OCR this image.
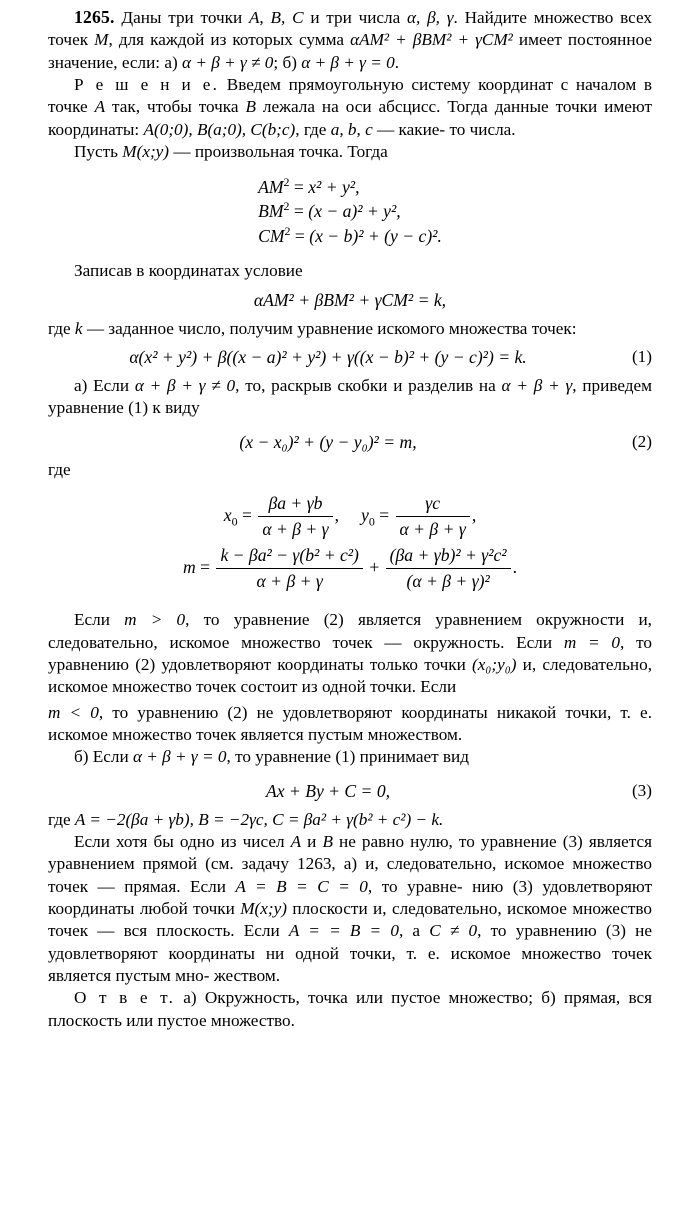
1265. Даны три точки A, B, C и три числа α, β, γ. Найдите множество всех точек M, для каждой из которых сумма αAM² + βBM² + γCM² имеет постоянное значение, если: а) α + β + γ ≠ 0; б) α + β + γ = 0.

Р е ш е н и е. Введем прямоугольную систему координат с началом в точке A так, чтобы точка B лежала на оси абсцисс. Тогда данные точки имеют координаты: A(0;0), B(a;0), C(b;c), где a, b, c — какие- то числа.

Пусть M(x;y) — произвольная точка. Тогда

$AM^2 = x^2 + y^2$,
$BM^2 = (x - a)^2 + y^2$,
$CM^2 = (x - b)^2 + (y - c)^2$.

Записав в координатах условие

αAM² + βBM² + γCM² = k,

где k — заданное число, получим уравнение искомого множества точек:

α(x² + y²) + β((x − a)² + y²) + γ((x − b)² + (y − c)²) = k.	(1)

а) Если α + β + γ ≠ 0, то, раскрыв скобки и разделив на α + β + γ, приведем уравнение (1) к виду

(x − x₀)² + (y − y₀)² = m,	(2)

где

$x_0 = \frac{\beta a + \gamma b}{\alpha + \beta + \gamma}$ , $y_0 = \frac{\gamma c}{\alpha + \beta + \gamma}$ ,
$m = \frac{\text{k − βa² − γ(b² + c²)}}{\alpha + \beta + \gamma} + \frac{\text{(βa + γb)² + γ²c²}}{\text{(α + β + γ)²}}$ .

Если m > 0, то уравнение (2) является уравнением окружности и, следовательно, искомое множество точек — окружность. Если m = 0, то уравнению (2) удовлетворяют координаты только точки (x₀;y₀) и, следовательно, искомое множество точек состоит из одной точки. Если

m < 0, то уравнению (2) не удовлетворяют координаты никакой точки, т. е. искомое множество точек является пустым множеством.

б) Если α + β + γ = 0, то уравнение (1) принимает вид

Ax + By + C = 0,	(3)

где A = −2(βa + γb), B = −2γc, C = βa² + γ(b² + c²) − k.

Если хотя бы одно из чисел A и B не равно нулю, то уравнение (3) является уравнением прямой (см. задачу 1263, а) и, следовательно, искомое множество точек — прямая. Если A = B = C = 0, то уравне- нию (3) удовлетворяют координаты любой точки M(x;y) плоскости и, следовательно, искомое множество точек — вся плоскость. Если A = = B = 0, а C ≠ 0, то уравнению (3) не удовлетворяют координаты ни одной точки, т. е. искомое множество точек является пустым мно- жеством.

О т в е т. а) Окружность, точка или пустое множество; б) прямая, вся плоскость или пустое множество.
